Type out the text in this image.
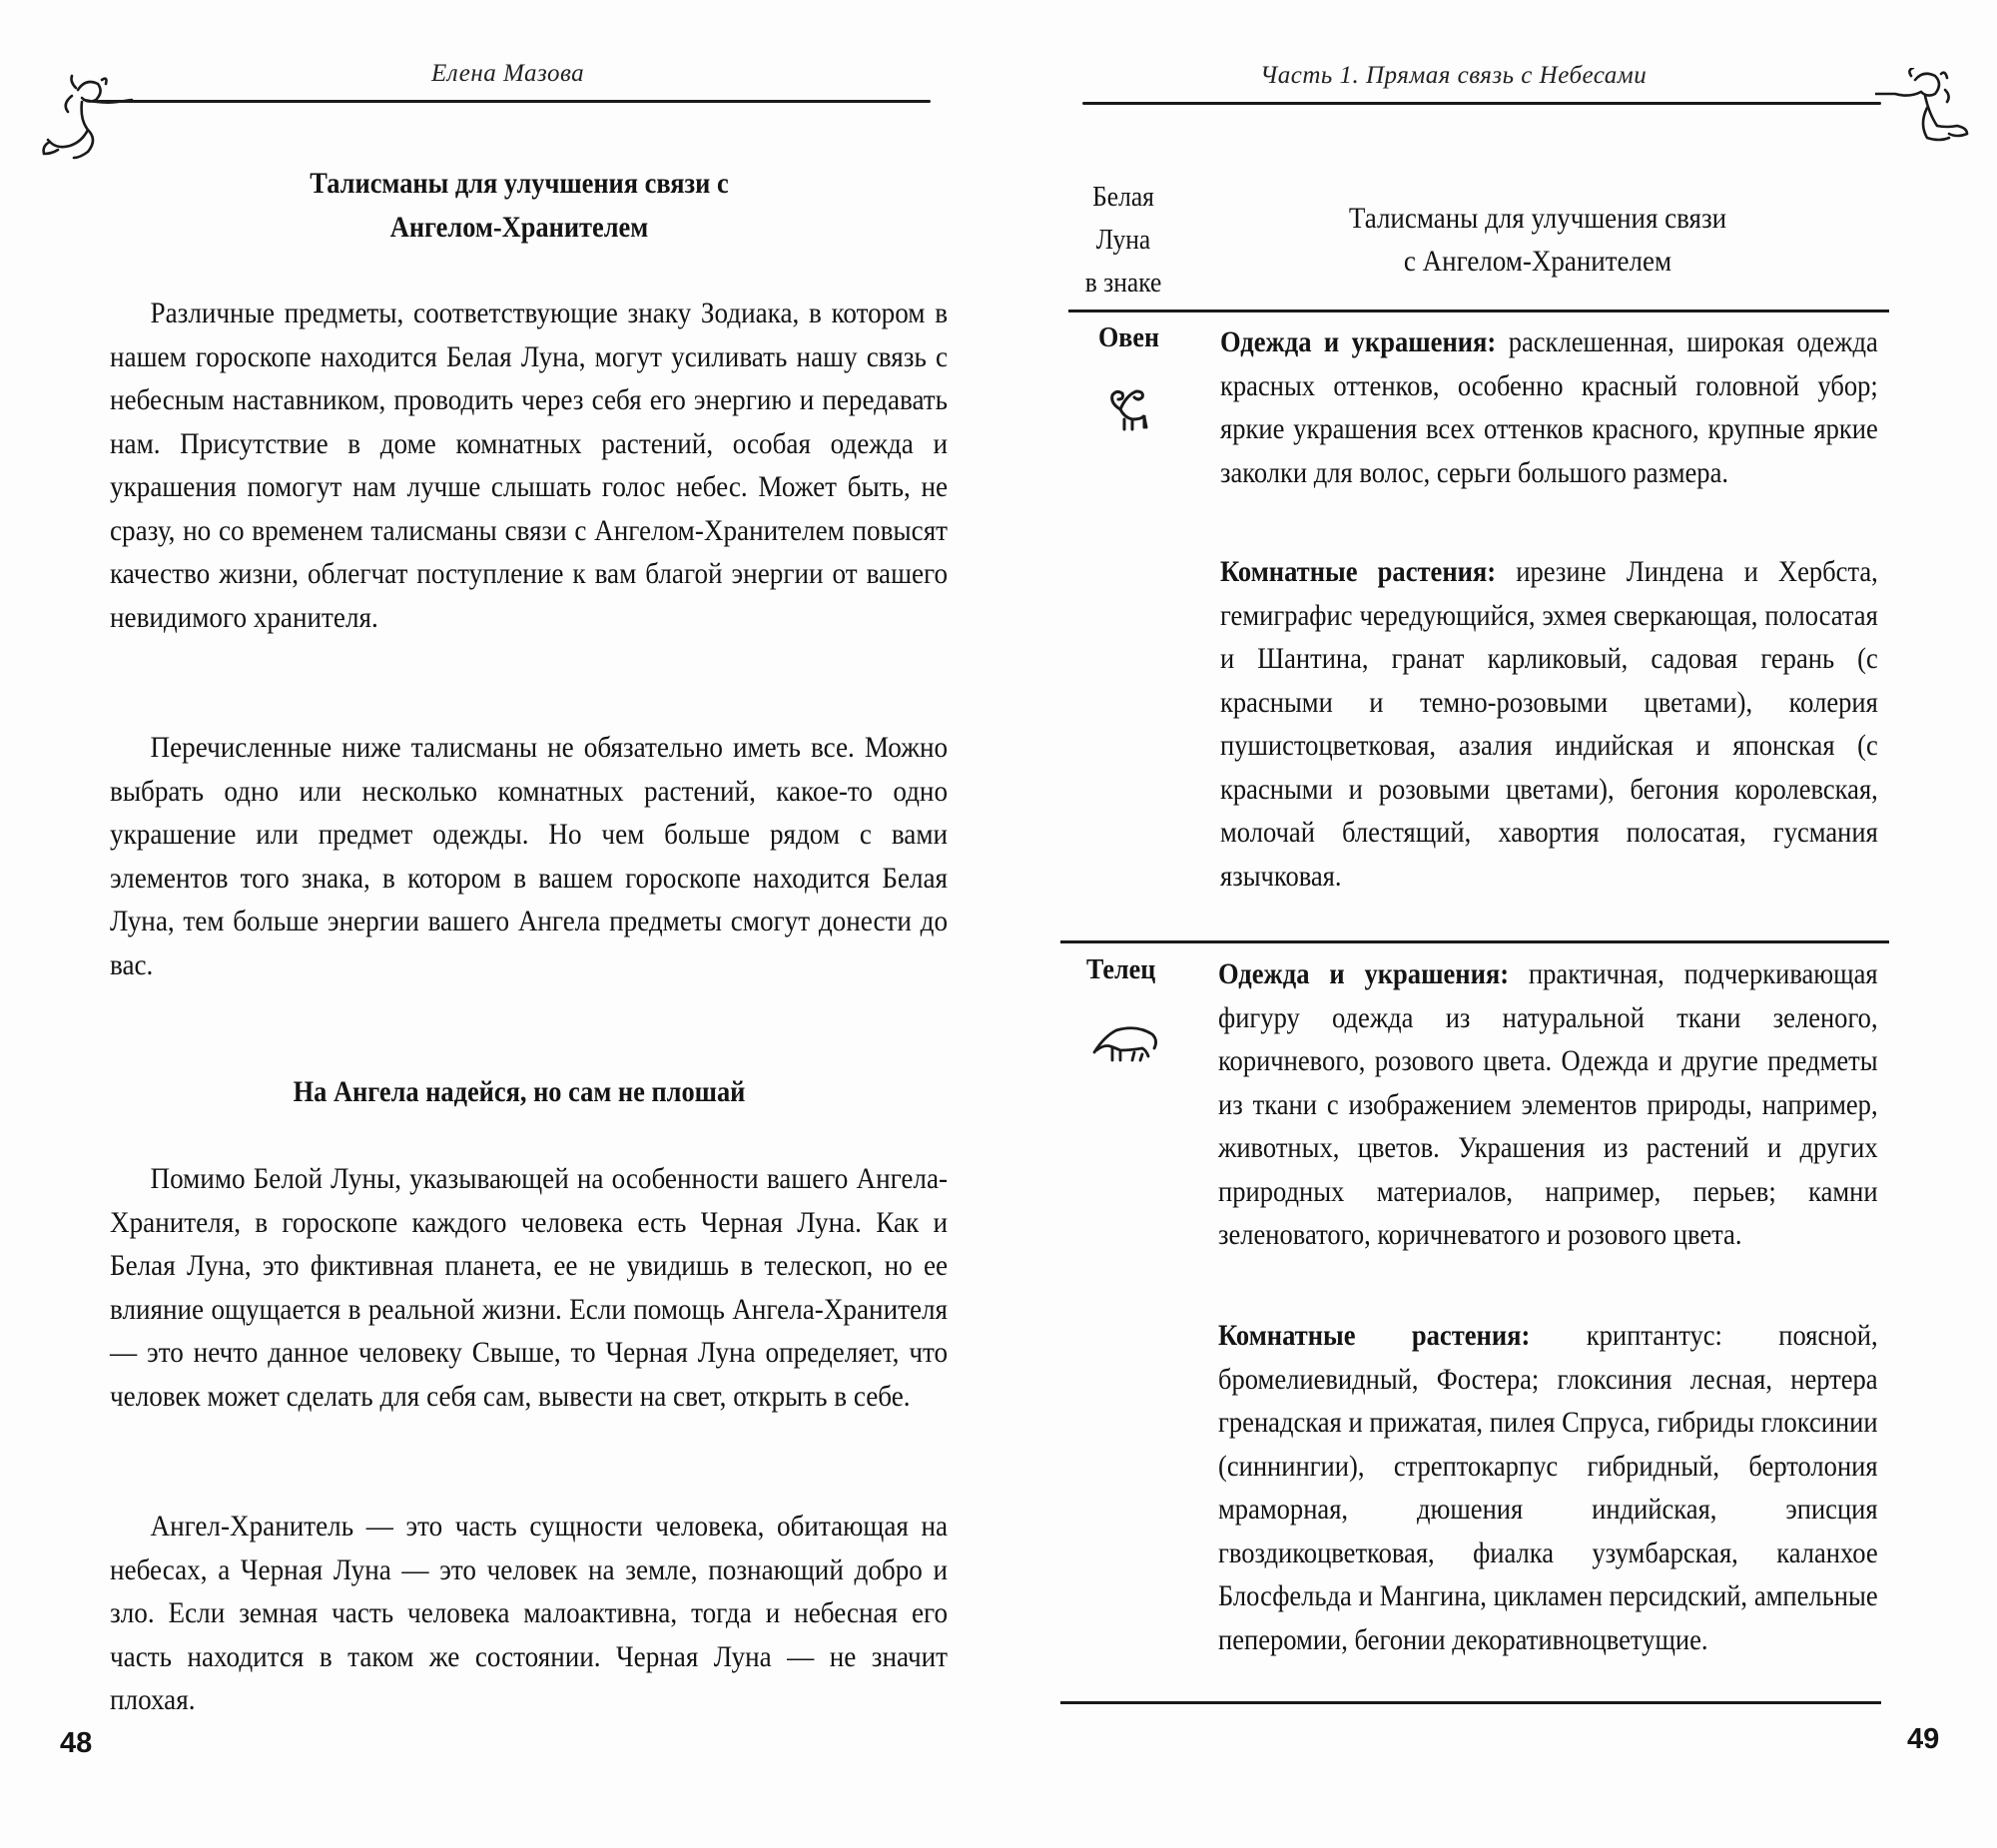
Елена Мазова
Талисманы для улучшения связи с
Ангелом-Хранителем
Различные предметы, соответствующие знаку Зодиака, в котором в нашем гороскопе находится Белая Луна, могут усиливать нашу связь с небесным наставником, проводить через себя его энергию и передавать нам. Присутствие в доме комнатных растений, особая одежда и украшения помогут нам лучше слышать голос небес. Может быть, не сразу, но со временем талисманы связи с Ангелом-Хранителем повысят качество жизни, облегчат поступление к вам благой энергии от вашего невидимого хранителя.
Перечисленные ниже талисманы не обязательно иметь все. Можно выбрать одно или несколько комнатных растений, какое-то одно украшение или предмет одежды. Но чем больше рядом с вами элементов того знака, в котором в вашем гороскопе находится Белая Луна, тем больше энергии вашего Ангела предметы смогут донести до вас.
На Ангела надейся, но сам не плошай
Помимо Белой Луны, указывающей на особенности вашего Ангела-Хранителя, в гороскопе каждого человека есть Черная Луна. Как и Белая Луна, это фиктивная планета, ее не увидишь в телескоп, но ее влияние ощущается в реальной жизни. Если помощь Ангела-Хранителя — это нечто данное человеку Свыше, то Черная Луна определяет, что человек может сделать для себя сам, вывести на свет, открыть в себе.
Ангел-Хранитель — это часть сущности человека, обитающая на небесах, а Черная Луна — это человек на земле, познающий добро и зло. Если земная часть человека малоактивна, тогда и небесная его часть находится в таком же состоянии. Черная Луна — не значит плохая.
48
Часть 1. Прямая связь с Небесами
Белая
Луна
в знаке
Талисманы для улучшения связи
с Ангелом-Хранителем
Овен Одежда и украшения: расклешенная, широкая одежда красных оттенков, особенно красный головной убор; яркие украшения всех оттенков красного, крупные яркие заколки для волос, серьги большого размера.
Комнатные растения: ирезине Линдена и Хербста, гемиграфис чередующийся, эхмея сверкающая, полосатая и Шантина, гранат карликовый, садовая герань (с красными и темно-розовыми цветами), колерия пушистоцветковая, азалия индийская и японская (с красными и розовыми цветами), бегония королевская, молочай блестящий, хавортия полосатая, гусмания язычковая.
Телец Одежда и украшения: практичная, подчеркивающая фигуру одежда из натуральной ткани зеленого, коричневого, розового цвета. Одежда и другие предметы из ткани с изображением элементов природы, например, животных, цветов. Украшения из растений и других природных материалов, например, перьев; камни зеленоватого, коричневатого и розового цвета.
Комнатные растения: криптантус: поясной, бромелиевидный, Фостера; глоксиния лесная, нертера гренадская и прижатая, пилея Спруса, гибриды глоксинии (синнингии), стрептокарпус гибридный, бертолония мраморная, дюшения индийская, эписция гвоздикоцветковая, фиалка узумбарская, каланхое Блосфельда и Мангина, цикламен персидский, ампельные пеперомии, бегонии декоративноцветущие.
49
